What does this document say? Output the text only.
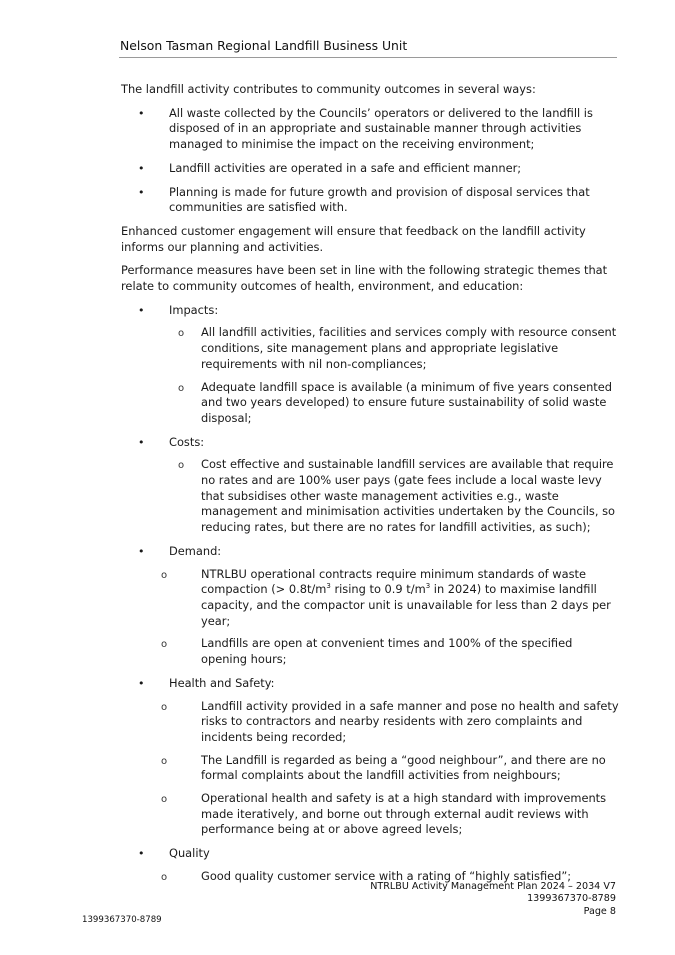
Nelson Tasman Regional Landfill Business Unit

The landfill activity contributes to community outcomes in several ways:

• All waste collected by the Councils’ operators or delivered to the landfill is disposed of in an appropriate and sustainable manner through activities managed to minimise the impact on the receiving environment;
• Landfill activities are operated in a safe and efficient manner;
• Planning is made for future growth and provision of disposal services that communities are satisfied with.

Enhanced customer engagement will ensure that feedback on the landfill activity informs our planning and activities.

Performance measures have been set in line with the following strategic themes that relate to community outcomes of health, environment, and education:

• Impacts:
o All landfill activities, facilities and services comply with resource consent conditions, site management plans and appropriate legislative requirements with nil non-compliances;
o Adequate landfill space is available (a minimum of five years consented and two years developed) to ensure future sustainability of solid waste disposal;
• Costs:
o Cost effective and sustainable landfill services are available that require no rates and are 100% user pays (gate fees include a local waste levy that subsidises other waste management activities e.g., waste management and minimisation activities undertaken by the Councils, so reducing rates, but there are no rates for landfill activities, as such);
• Demand:
o	NTRLBU operational contracts require minimum standards of waste compaction (> $0.8t/m^3$ rising to 0.9 $t/m^3$ in 2024) to maximise landfill capacity, and the compactor unit is unavailable for less than 2 days per year;
o	Landfills are open at convenient times and 100% of the specified opening hours;
• Health and Safety:
o	Landfill activity provided in a safe manner and pose no health and safety risks to contractors and nearby residents with zero complaints and incidents being recorded;
o	The Landfill is regarded as being a “good neighbour”, and there are no formal complaints about the landfill activities from neighbours;
o	Operational health and safety is at a high standard with improvements made iteratively, and borne out through external audit reviews with performance being at or above agreed levels;
• Quality
o	Good quality customer service with a rating of “highly satisfied”;
NTRLBU Activity Management Plan 2024 – 2034 V7
1399367370-8789
Page 8
1399367370-8789
